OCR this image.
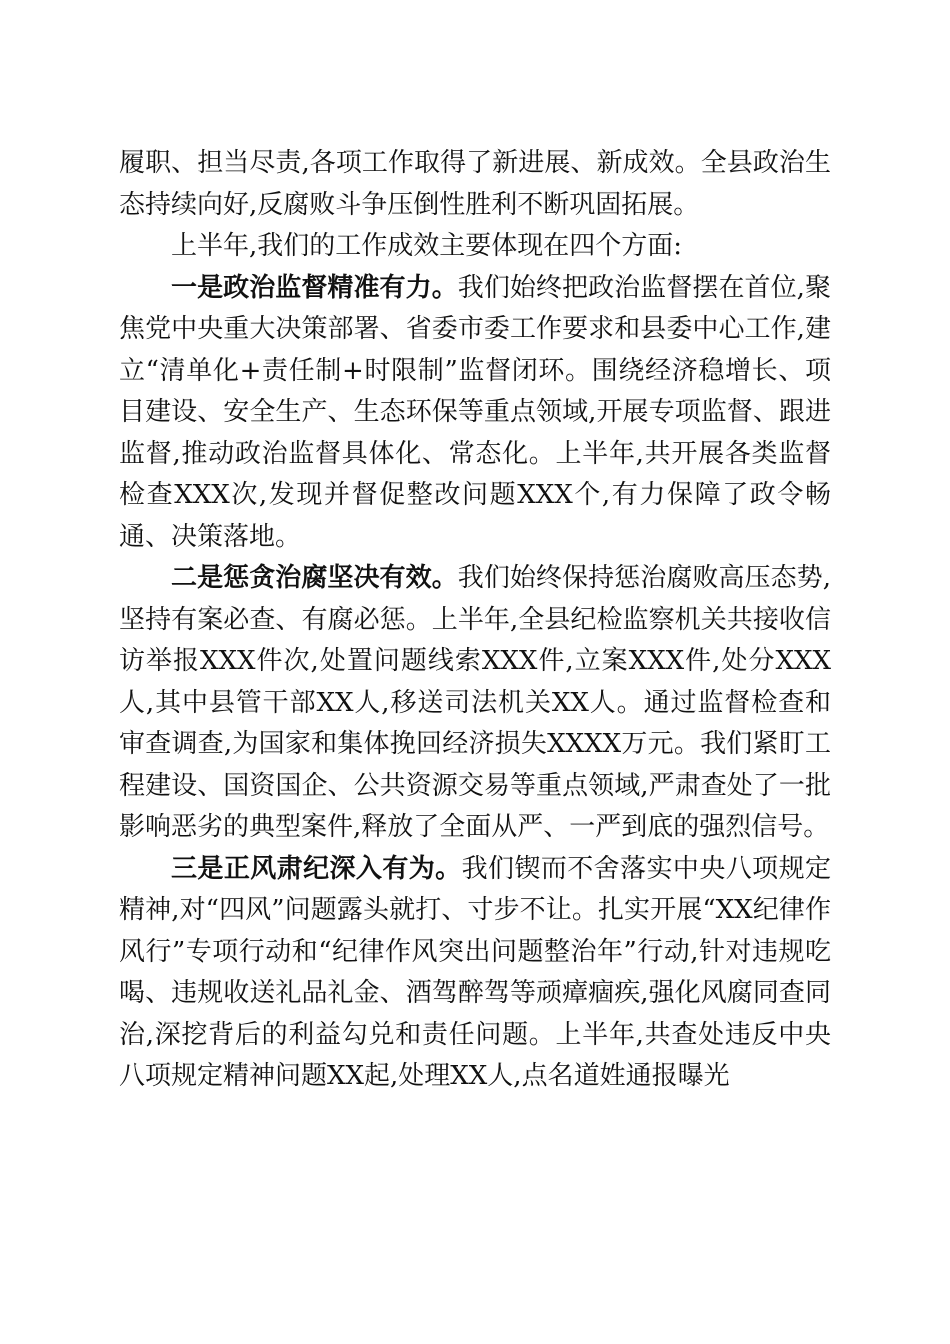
履职、担当尽责,各项工作取得了新进展、新成效。全县政治生态持续向好,反腐败斗争压倒性胜利不断巩固拓展。

上半年,我们的工作成效主要体现在四个方面:

一是政治监督精准有力。我们始终把政治监督摆在首位,聚焦党中央重大决策部署、省委市委工作要求和县委中心工作,建立“清单化+责任制+时限制”监督闭环。围绕经济稳增长、项目建设、安全生产、生态环保等重点领域,开展专项监督、跟进监督,推动政治监督具体化、常态化。上半年,共开展各类监督检查XXX次,发现并督促整改问题XXX个,有力保障了政令畅通、决策落地。

二是惩贪治腐坚决有效。我们始终保持惩治腐败高压态势,坚持有案必查、有腐必惩。上半年,全县纪检监察机关共接收信访举报XXX件次,处置问题线索XXX件,立案XXX件,处分XXX人,其中县管干部XX人,移送司法机关XX人。通过监督检查和审查调查,为国家和集体挽回经济损失XXXX万元。我们紧盯工程建设、国资国企、公共资源交易等重点领域,严肃查处了一批影响恶劣的典型案件,释放了全面从严、一严到底的强烈信号。

三是正风肃纪深入有为。我们锲而不舍落实中央八项规定精神,对“四风”问题露头就打、寸步不让。扎实开展“XX纪律作风行”专项行动和“纪律作风突出问题整治年”行动,针对违规吃喝、违规收送礼品礼金、酒驾醉驾等顽瘴痼疾,强化风腐同查同治,深挖背后的利益勾兑和责任问题。上半年,共查处违反中央八项规定精神问题XX起,处理XX人,点名道姓通报曝光
